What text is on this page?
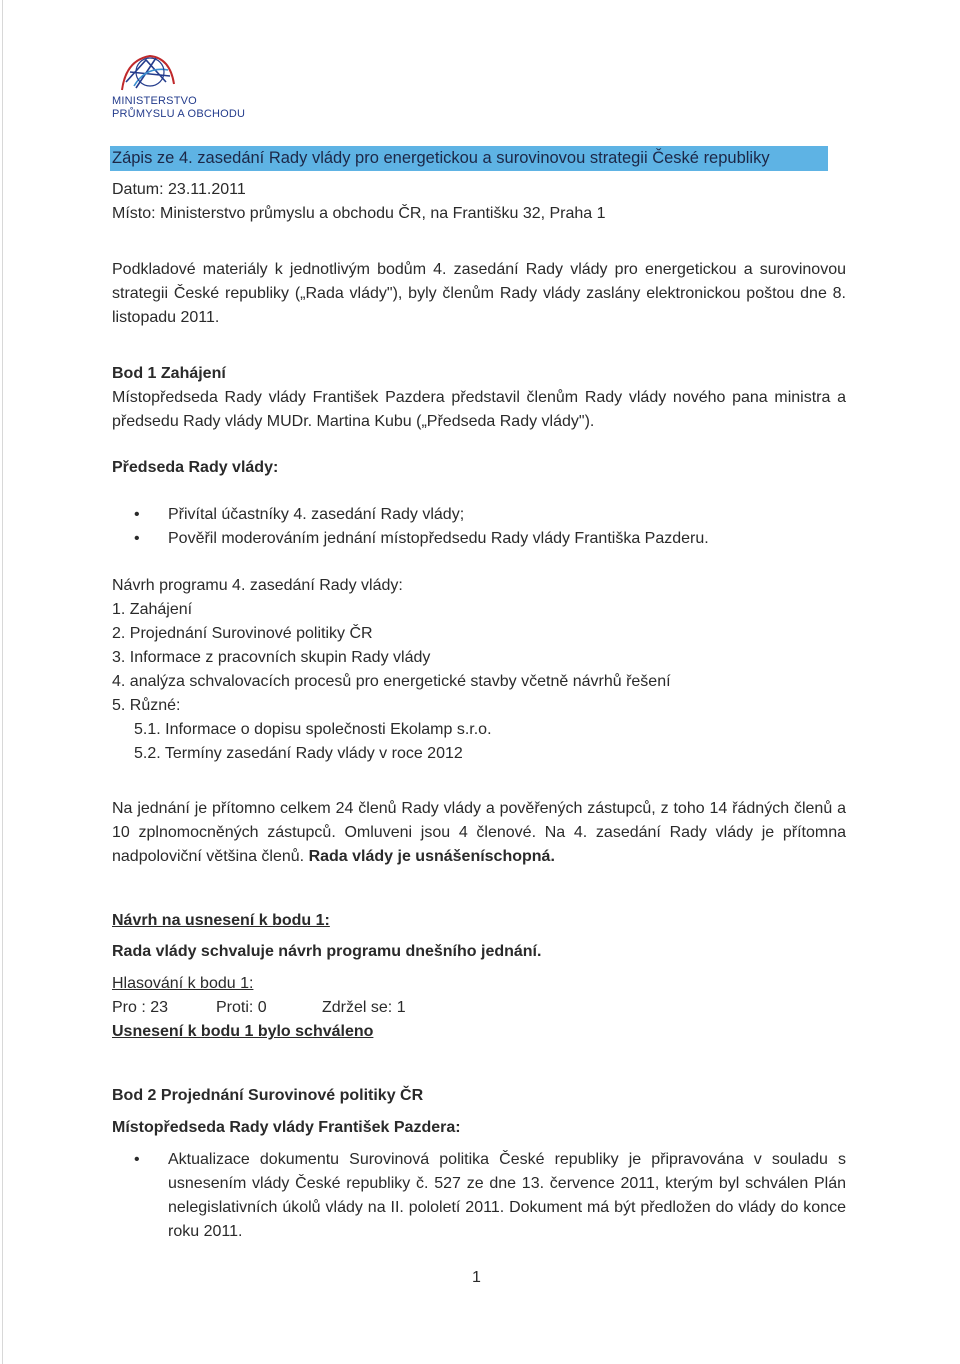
MINISTERSTVO
PRŮMYSLU A OBCHODU
Zápis ze 4. zasedání Rady vlády pro energetickou a surovinovou strategii České republiky
Datum: 23.11.2011
Místo: Ministerstvo průmyslu a obchodu ČR, na Františku 32, Praha 1
Podkladové materiály k jednotlivým bodům 4. zasedání Rady vlády pro energetickou a surovinovou strategii České republiky („Rada vlády"), byly členům Rady vlády zaslány elektronickou poštou dne 8. listopadu 2011.
Bod 1 Zahájení
Místopředseda Rady vlády František Pazdera představil členům Rady vlády nového pana ministra a předsedu Rady vlády MUDr. Martina Kubu („Předseda Rady vlády").
Předseda Rady vlády:
• Přivítal účastníky 4. zasedání Rady vlády;
• Pověřil moderováním jednání místopředsedu Rady vlády Františka Pazderu.
Návrh programu 4. zasedání Rady vlády:
1. Zahájení
2. Projednání Surovinové politiky ČR
3. Informace z pracovních skupin Rady vlády
4. analýza schvalovacích procesů pro energetické stavby včetně návrhů řešení
5. Různé:
5.1. Informace o dopisu společnosti Ekolamp s.r.o.
5.2. Termíny zasedání Rady vlády v roce 2012
Na jednání je přítomno celkem 24 členů Rady vlády a pověřených zástupců, z toho 14 řádných členů a 10 zplnomocněných zástupců. Omluveni jsou 4 členové. Na 4. zasedání Rady vlády je přítomna nadpoloviční většina členů. Rada vlády je usnášeníschopná.
Návrh na usnesení k bodu 1:
Rada vlády schvaluje návrh programu dnešního jednání.
Hlasování k bodu 1:
Pro : 23	Proti: 0	Zdržel se: 1
Usnesení k bodu 1 bylo schváleno
Bod 2 Projednání Surovinové politiky ČR
Místopředseda Rady vlády František Pazdera:
• Aktualizace dokumentu Surovinová politika České republiky je připravována v souladu s usnesením vlády České republiky č. 527 ze dne 13. července 2011, kterým byl schválen Plán nelegislativních úkolů vlády na II. pololetí 2011. Dokument má být předložen do vlády do konce roku 2011.
1
